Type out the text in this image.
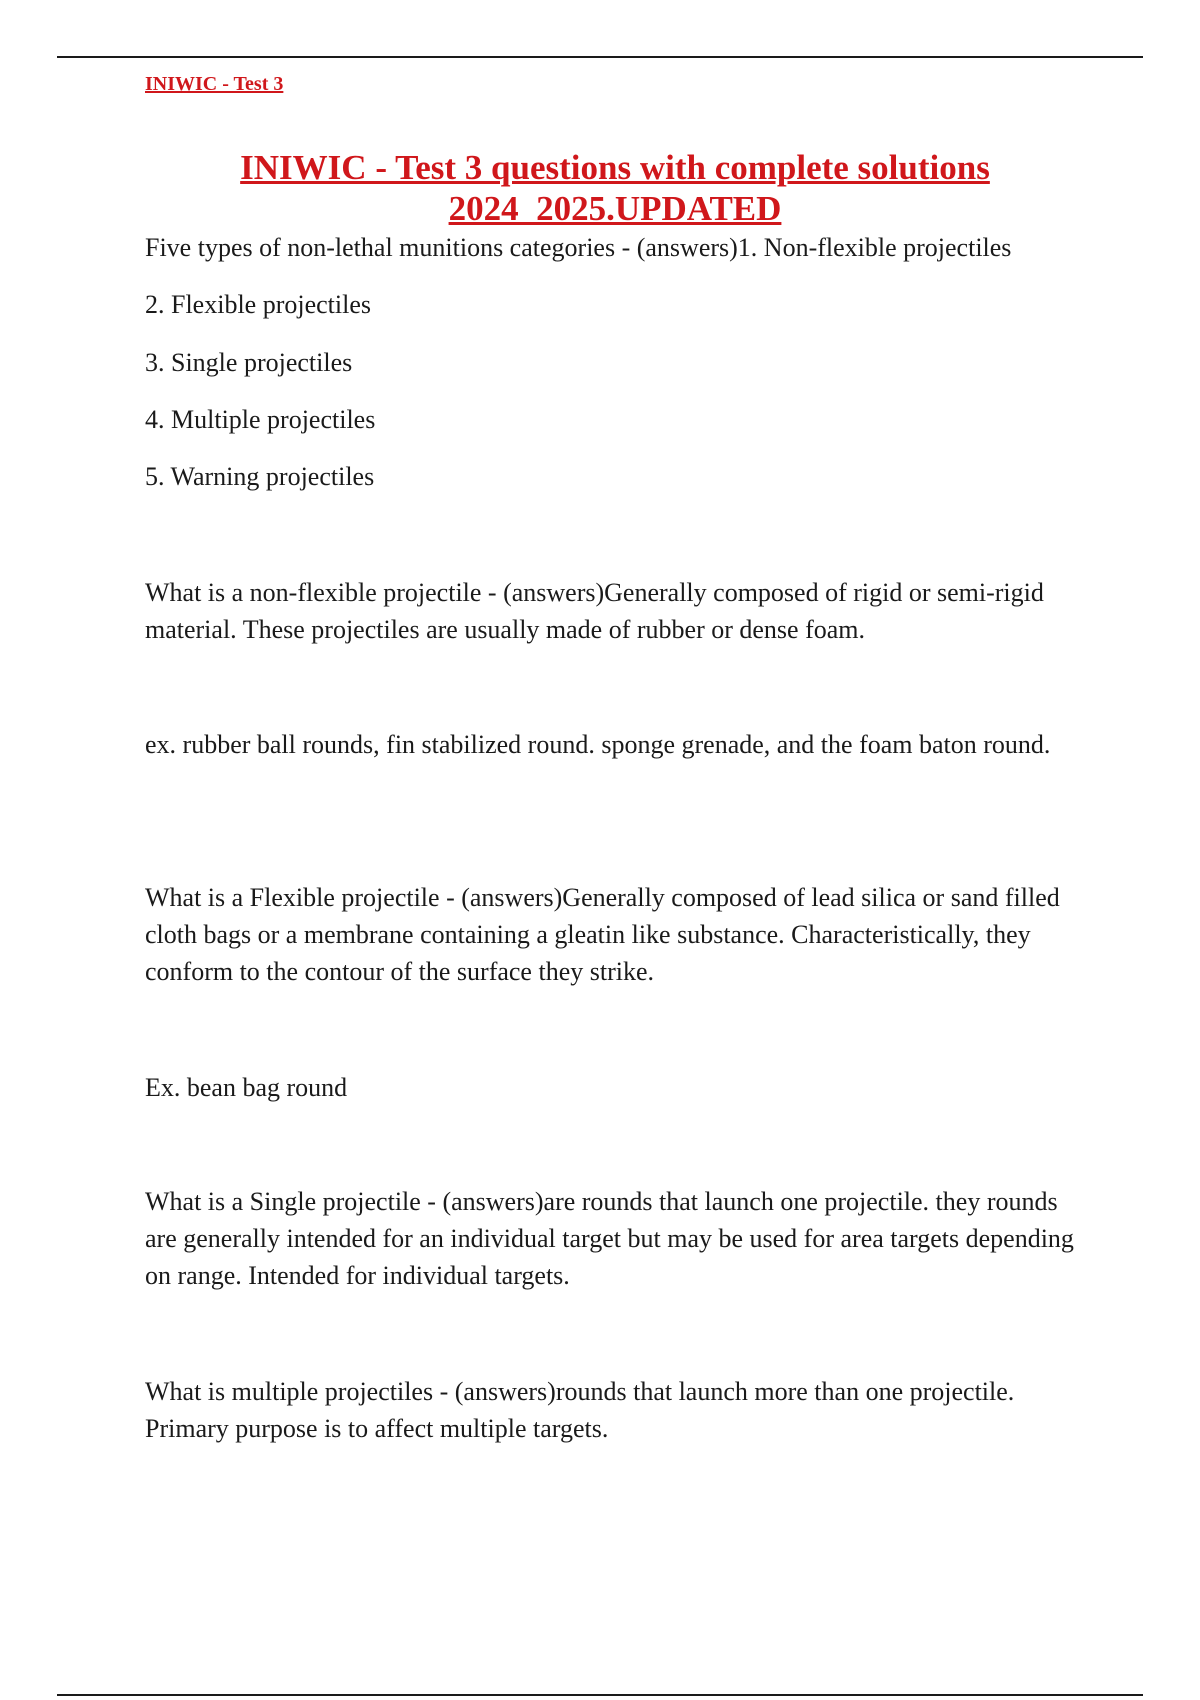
INIWIC - Test 3
INIWIC - Test 3 questions with complete solutions
2024_2025.UPDATED

Five types of non-lethal munitions categories - (answers)1. Non-flexible projectiles

2. Flexible projectiles

3. Single projectiles

4. Multiple projectiles

5. Warning projectiles

What is a non-flexible projectile - (answers)Generally composed of rigid or semi-rigid material. These projectiles are usually made of rubber or dense foam.

ex. rubber ball rounds, fin stabilized round. sponge grenade, and the foam baton round.

What is a Flexible projectile - (answers)Generally composed of lead silica or sand filled cloth bags or a membrane containing a gleatin like substance. Characteristically, they conform to the contour of the surface they strike.

Ex. bean bag round

What is a Single projectile - (answers)are rounds that launch one projectile. they rounds are generally intended for an individual target but may be used for area targets depending on range. Intended for individual targets.

What is multiple projectiles - (answers)rounds that launch more than one projectile. Primary purpose is to affect multiple targets.
